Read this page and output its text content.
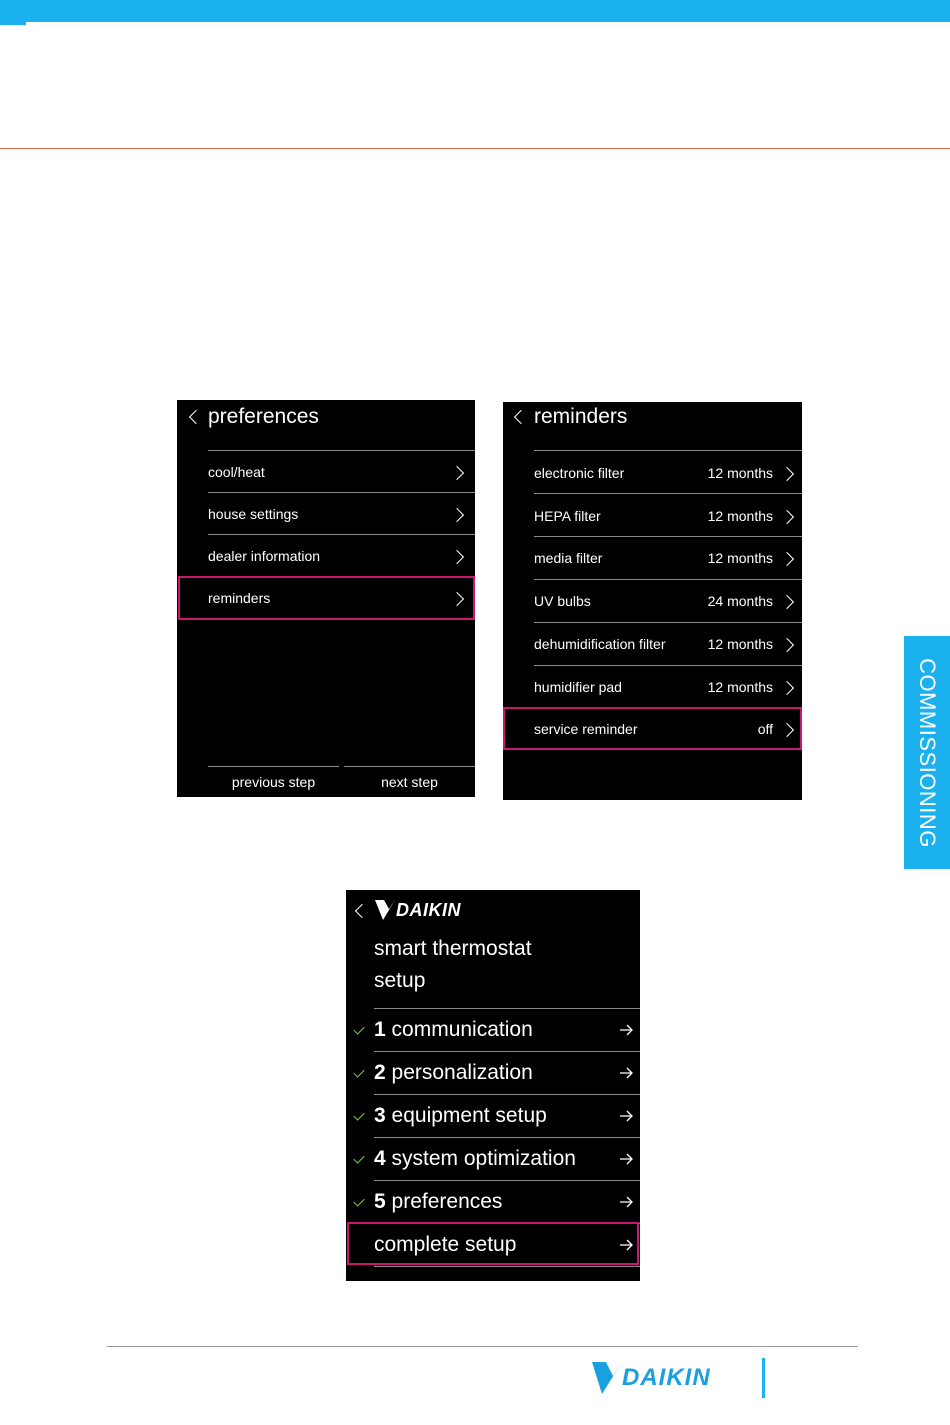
preferences
cool/heat
house settings
dealer information
reminders
previous step	next step
reminders
electronic filter	12 months
HEPA filter	12 months
media filter	12 months
UV bulbs	24 months
dehumidification filter	12 months
humidifier pad	12 months
service reminder	off
DAIKIN
smart thermostat
setup
1 communication
2 personalization
3 equipment setup
4 system optimization
5 preferences
complete setup
COMMISSIONING
DAIKIN
